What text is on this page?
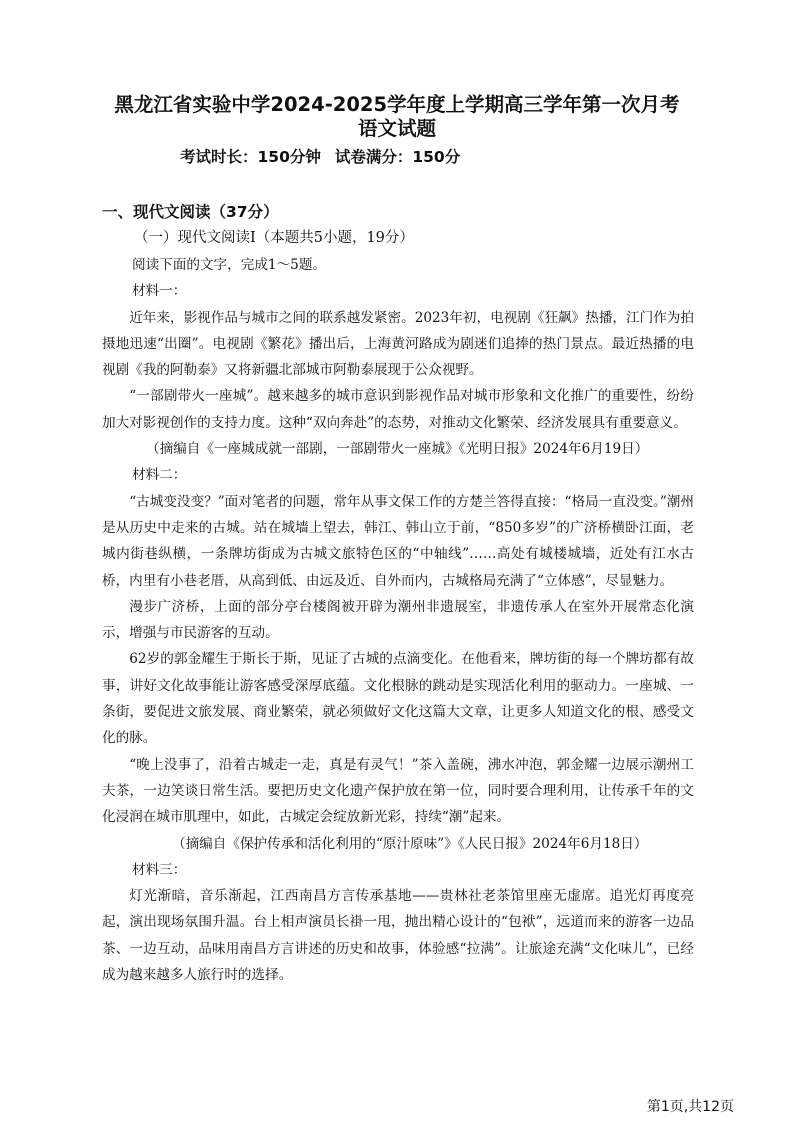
黑龙江省实验中学2024-2025学年度上学期高三学年第一次月考
语文试题
考试时长：150分钟 试卷满分：150分
一、现代文阅读（37分）
（一）现代文阅读Ⅰ（本题共5小题，19分）

阅读下面的文字，完成1～5题。

材料一：

近年来，影视作品与城市之间的联系越发紧密。2023年初，电视剧《狂飙》热播，江门作为拍摄地迅速“出圈”。电视剧《繁花》播出后，上海黄河路成为剧迷们追捧的热门景点。最近热播的电视剧《我的阿勒泰》又将新疆北部城市阿勒泰展现于公众视野。

“一部剧带火一座城”。越来越多的城市意识到影视作品对城市形象和文化推广的重要性，纷纷加大对影视创作的支持力度。这种“双向奔赴”的态势，对推动文化繁荣、经济发展具有重要意义。

（摘编自《一座城成就一部剧，一部剧带火一座城》《光明日报》2024年6月19日）

材料二：

“古城变没变？”面对笔者的问题，常年从事文保工作的方楚兰答得直接：“格局一直没变。”潮州是从历史中走来的古城。站在城墙上望去，韩江、韩山立于前，“850多岁”的广济桥横卧江面，老城内街巷纵横，一条牌坊街成为古城文旅特色区的“中轴线”……高处有城楼城墙，近处有江水古桥，内里有小巷老厝，从高到低、由远及近、自外而内，古城格局充满了“立体感”，尽显魅力。

漫步广济桥，上面的部分亭台楼阁被开辟为潮州非遗展室，非遗传承人在室外开展常态化演示，增强与市民游客的互动。

62岁的郭金耀生于斯长于斯，见证了古城的点滴变化。在他看来，牌坊街的每一个牌坊都有故事，讲好文化故事能让游客感受深厚底蕴。文化根脉的跳动是实现活化利用的驱动力。一座城、一条街，要促进文旅发展、商业繁荣，就必须做好文化这篇大文章，让更多人知道文化的根、感受文化的脉。

“晚上没事了，沿着古城走一走，真是有灵气！”茶入盖碗，沸水冲泡，郭金耀一边展示潮州工夫茶，一边笑谈日常生活。要把历史文化遗产保护放在第一位，同时要合理利用，让传承千年的文化浸润在城市肌理中，如此，古城定会绽放新光彩，持续“潮”起来。

（摘编自《保护传承和活化利用的“原汁原味”》《人民日报》2024年6月18日）

材料三：

灯光渐暗，音乐渐起，江西南昌方言传承基地——贵林社老茶馆里座无虚席。追光灯再度亮起，演出现场氛围升温。台上相声演员长褂一甩，抛出精心设计的“包袱”，远道而来的游客一边品茶、一边互动，品味用南昌方言讲述的历史和故事，体验感“拉满”。让旅途充满“文化味儿”，已经成为越来越多人旅行时的选择。

第1页,共12页
